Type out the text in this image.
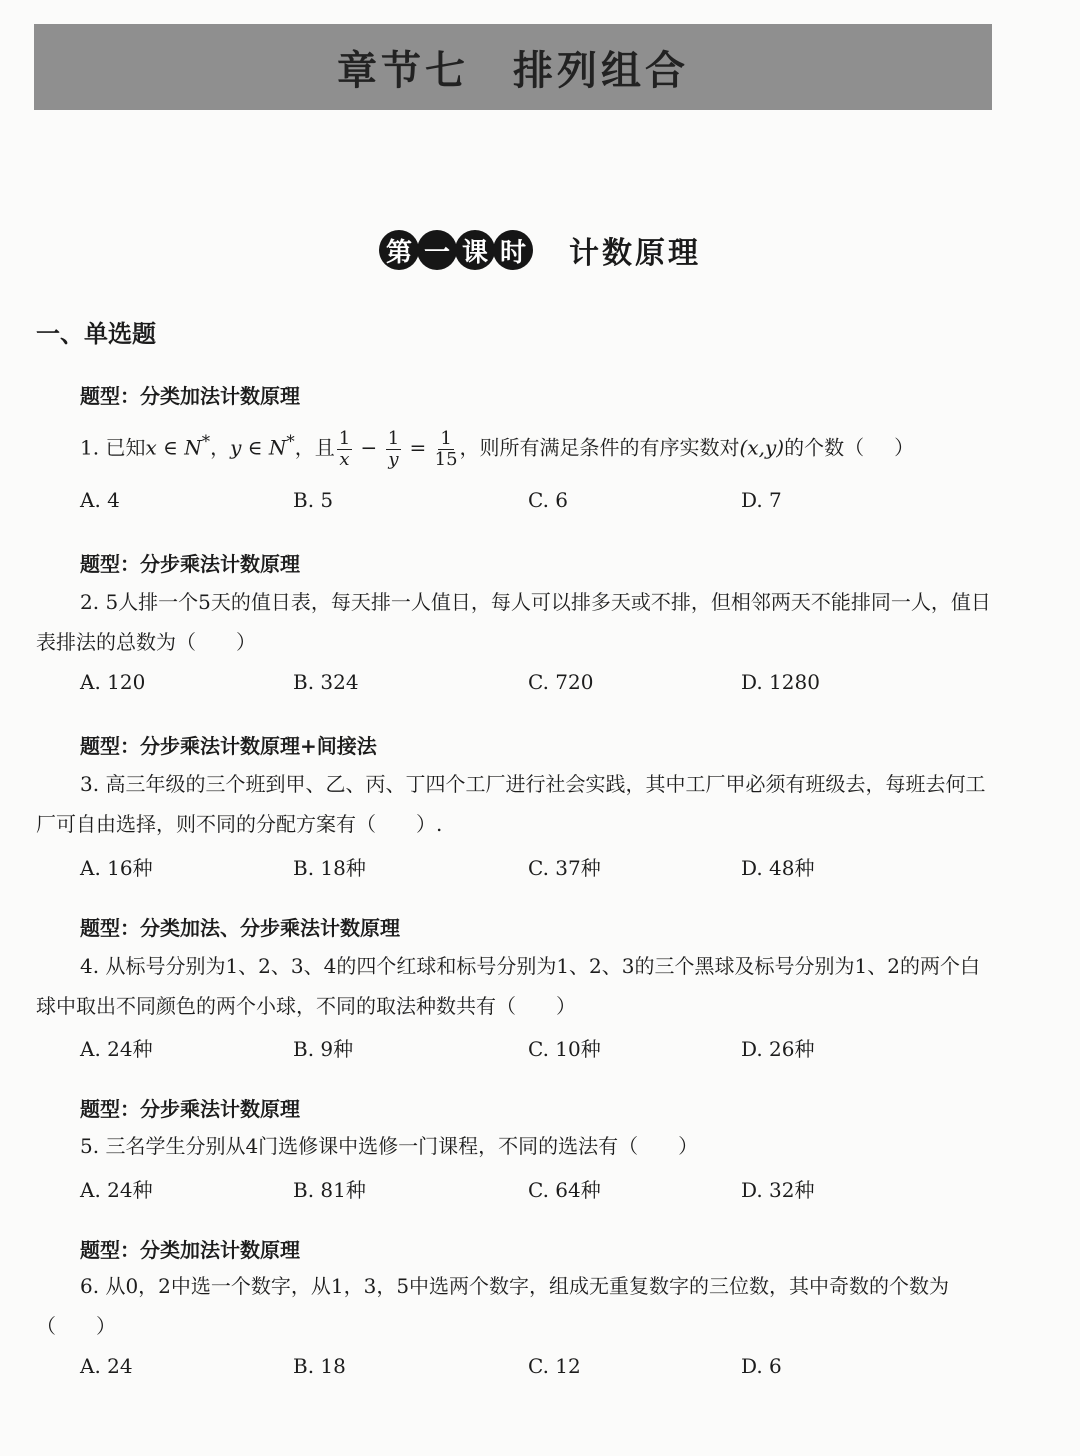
章节七 排列组合
第 一 课 时 计数原理
一、单选题
题型：分类加法计数原理
1. 已知x ∈ N*，y ∈ N*，且 $\frac{1}{x} - \frac{1}{y} = \frac{1}{15}$ ，则所有满足条件的有序实数对(x,y)的个数（ ）
A. 4	B. 5	C. 6	D. 7
题型：分步乘法计数原理
2. 5人排一个5天的值日表，每天排一人值日，每人可以排多天或不排，但相邻两天不能排同一人，值日表排法的总数为（　　）
A. 120	B. 324	C. 720	D. 1280
题型：分步乘法计数原理+间接法
3. 高三年级的三个班到甲、乙、丙、丁四个工厂进行社会实践，其中工厂甲必须有班级去，每班去何工厂可自由选择，则不同的分配方案有（　　）.
A. 16种	B. 18种	C. 37种	D. 48种
题型：分类加法、分步乘法计数原理
4. 从标号分别为1、2、3、4的四个红球和标号分别为1、2、3的三个黑球及标号分别为1、2的两个白球中取出不同颜色的两个小球，不同的取法种数共有（　　）
A. 24种	B. 9种	C. 10种	D. 26种
题型：分步乘法计数原理
5. 三名学生分别从4门选修课中选修一门课程，不同的选法有（　　）
A. 24种	B. 81种	C. 64种	D. 32种
题型：分类加法计数原理
6. 从0，2中选一个数字，从1，3，5中选两个数字，组成无重复数字的三位数，其中奇数的个数为（　　）
A. 24	B. 18	C. 12	D. 6
